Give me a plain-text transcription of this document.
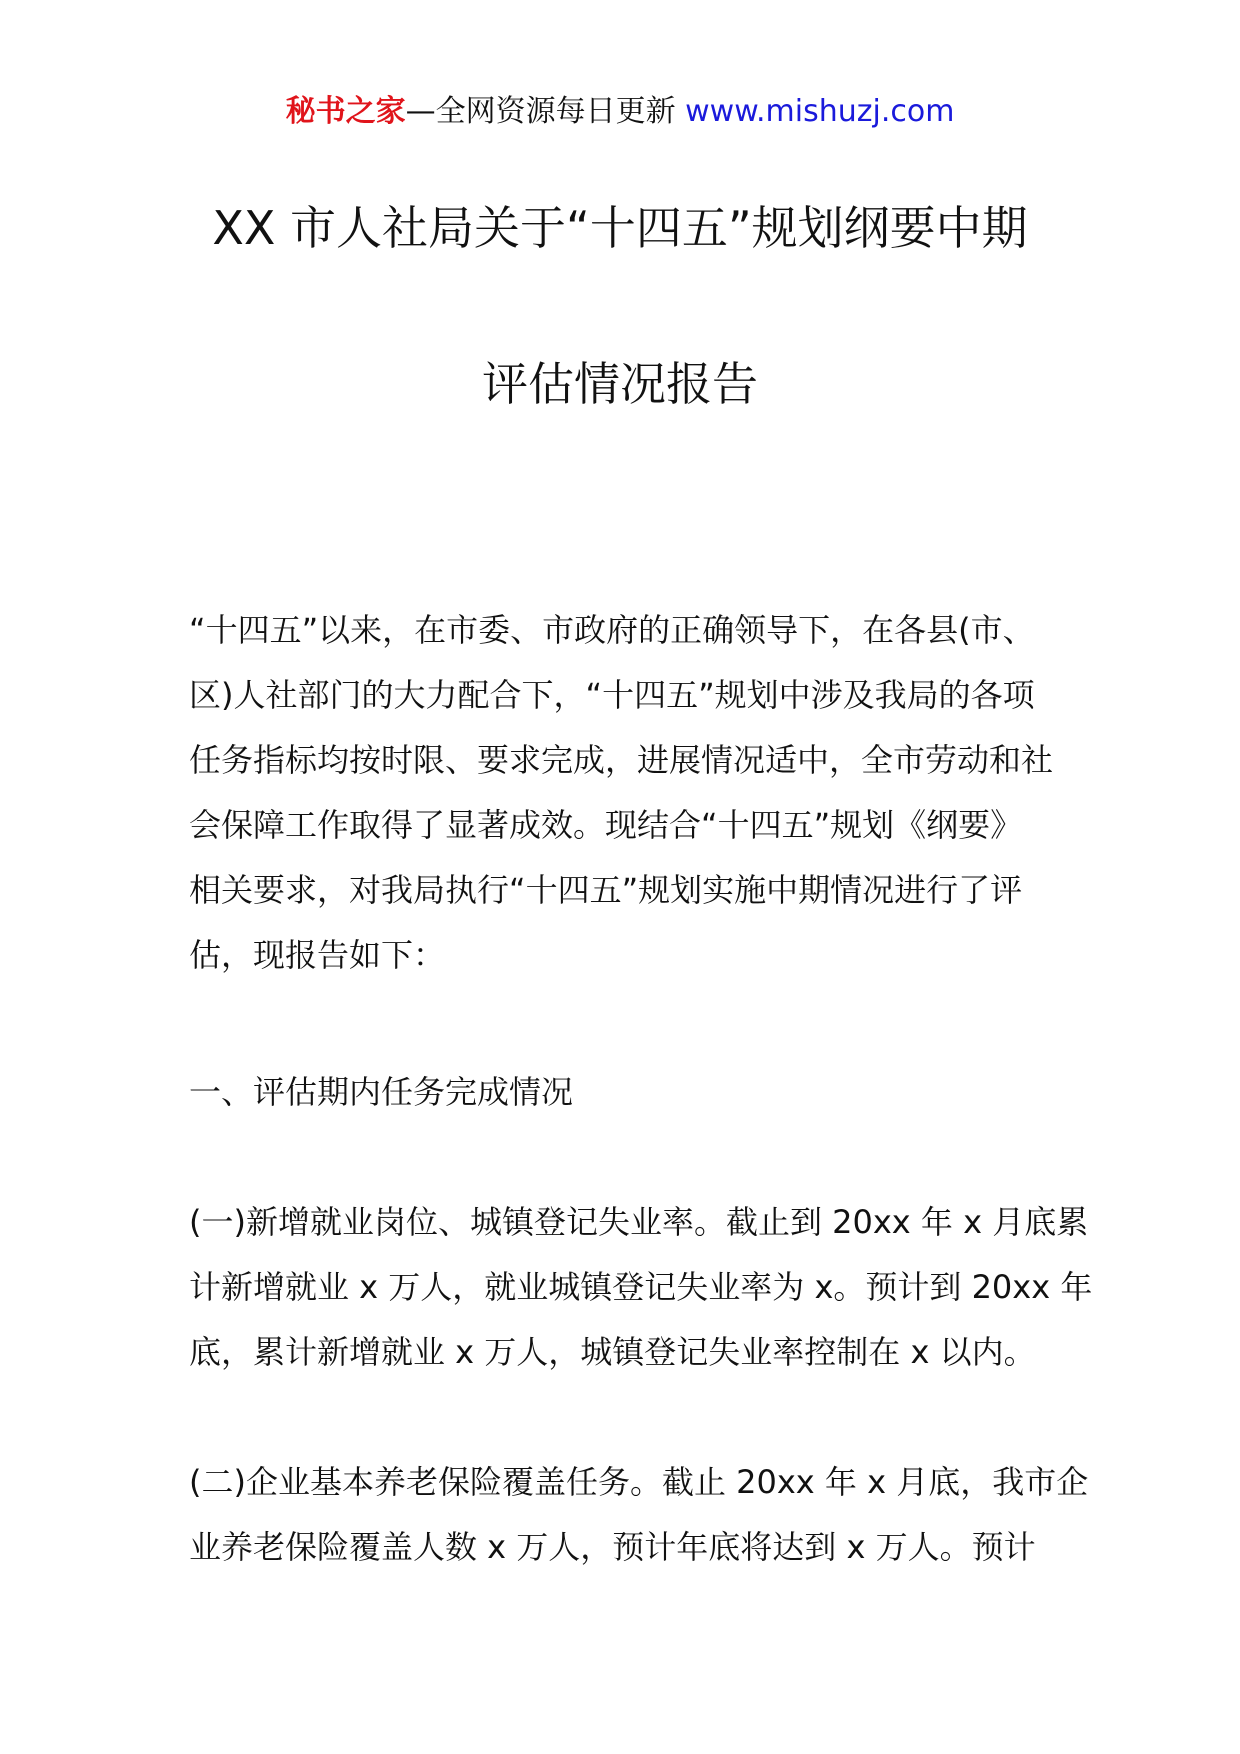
秘书之家—全网资源每日更新 www.mishuzj.com
XX 市人社局关于“十四五”规划纲要中期
评估情况报告
“十四五”以来，在市委、市政府的正确领导下，在各县(市、
区)人社部门的大力配合下，“十四五”规划中涉及我局的各项
任务指标均按时限、要求完成，进展情况适中，全市劳动和社
会保障工作取得了显著成效。现结合“十四五”规划《纲要》
相关要求，对我局执行“十四五”规划实施中期情况进行了评
估，现报告如下：
一、评估期内任务完成情况
(一)新增就业岗位、城镇登记失业率。截止到 20xx 年 x 月底累
计新增就业 x 万人，就业城镇登记失业率为 x。预计到 20xx 年
底，累计新增就业 x 万人，城镇登记失业率控制在 x 以内。
(二)企业基本养老保险覆盖任务。截止 20xx 年 x 月底，我市企
业养老保险覆盖人数 x 万人，预计年底将达到 x 万人。预计
